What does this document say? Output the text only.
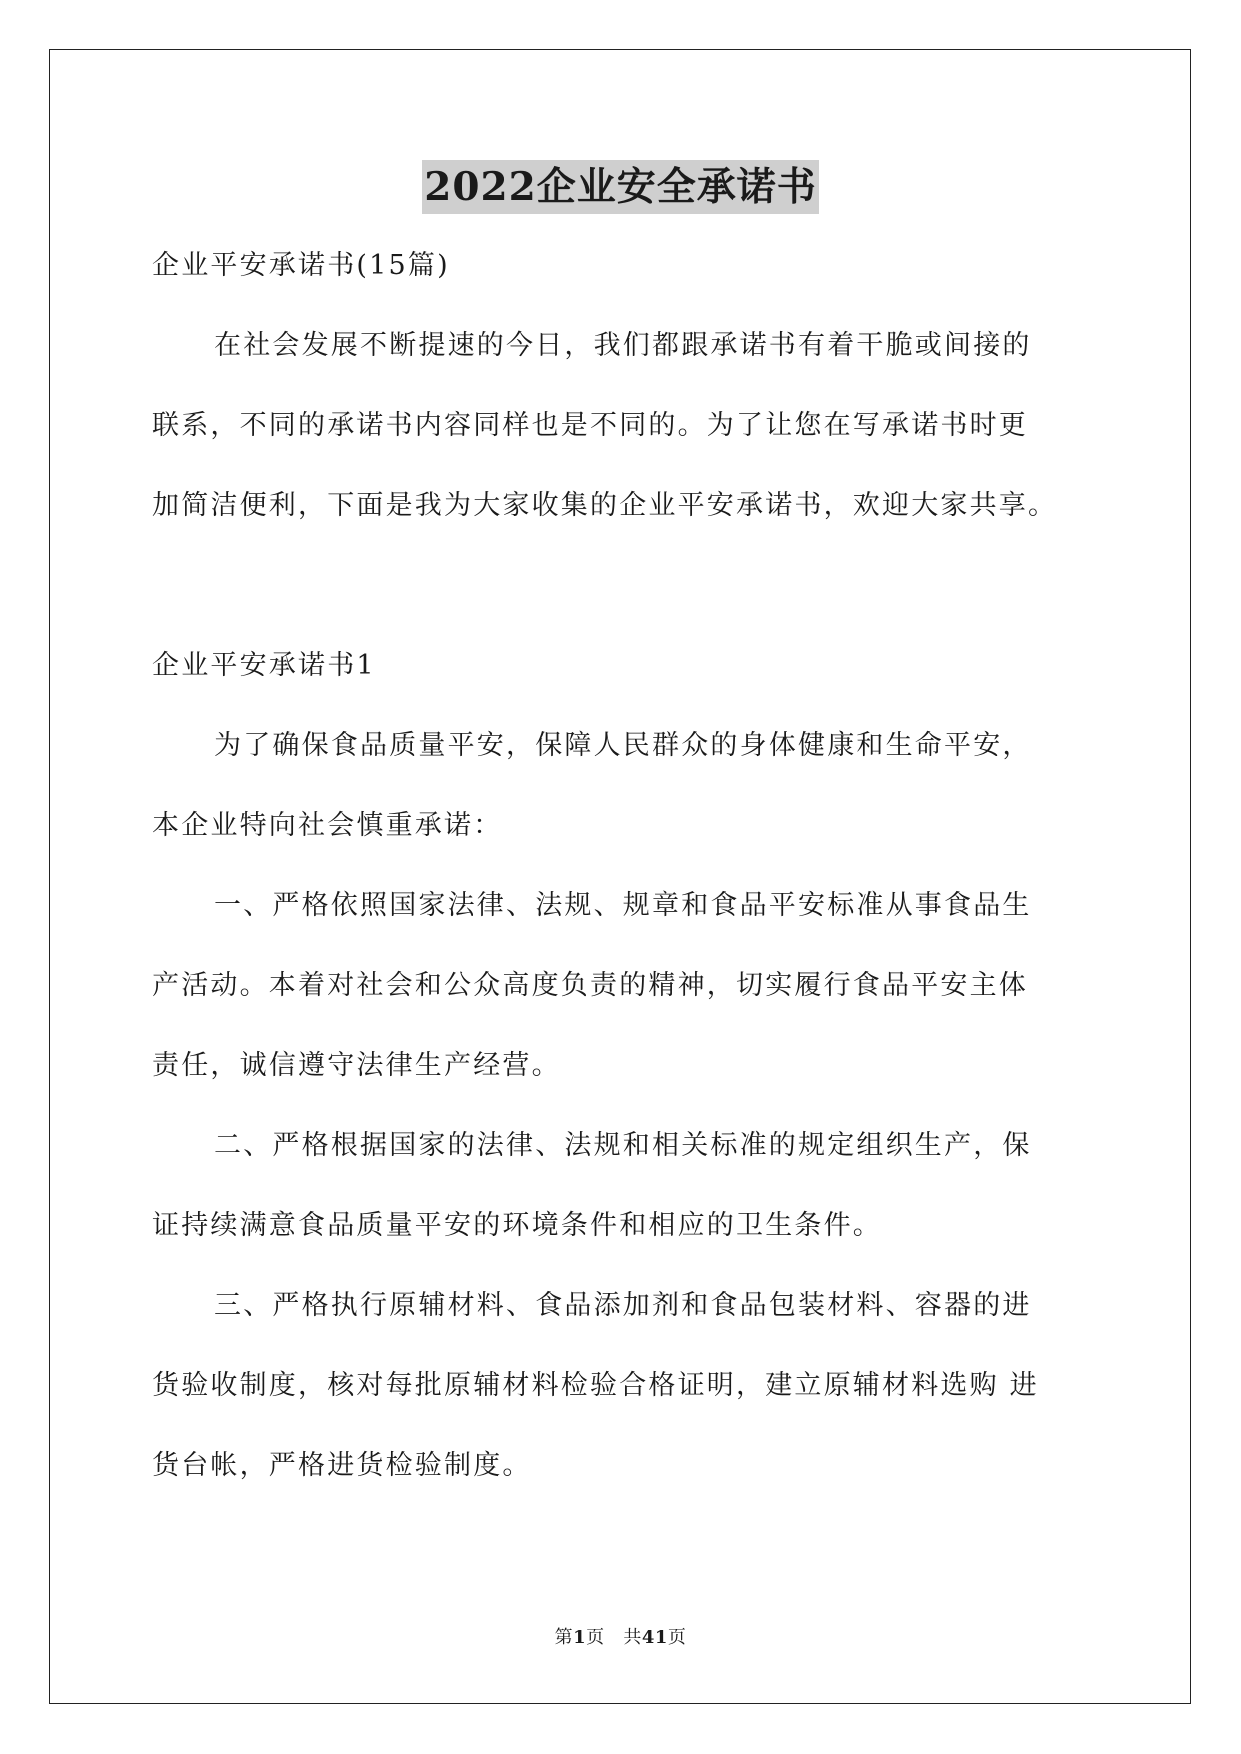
2022企业安全承诺书
企业平安承诺书(15篇)
在社会发展不断提速的今日，我们都跟承诺书有着干脆或间接的
联系，不同的承诺书内容同样也是不同的。为了让您在写承诺书时更
加简洁便利，下面是我为大家收集的企业平安承诺书，欢迎大家共享。
企业平安承诺书1
为了确保食品质量平安，保障人民群众的身体健康和生命平安，
本企业特向社会慎重承诺：
一、严格依照国家法律、法规、规章和食品平安标准从事食品生
产活动。本着对社会和公众高度负责的精神，切实履行食品平安主体
责任，诚信遵守法律生产经营。
二、严格根据国家的法律、法规和相关标准的规定组织生产，保
证持续满意食品质量平安的环境条件和相应的卫生条件。
三、严格执行原辅材料、食品添加剂和食品包装材料、容器的进
货验收制度，核对每批原辅材料检验合格证明，建立原辅材料选购 进
货台帐，严格进货检验制度。
第1页 共41页
